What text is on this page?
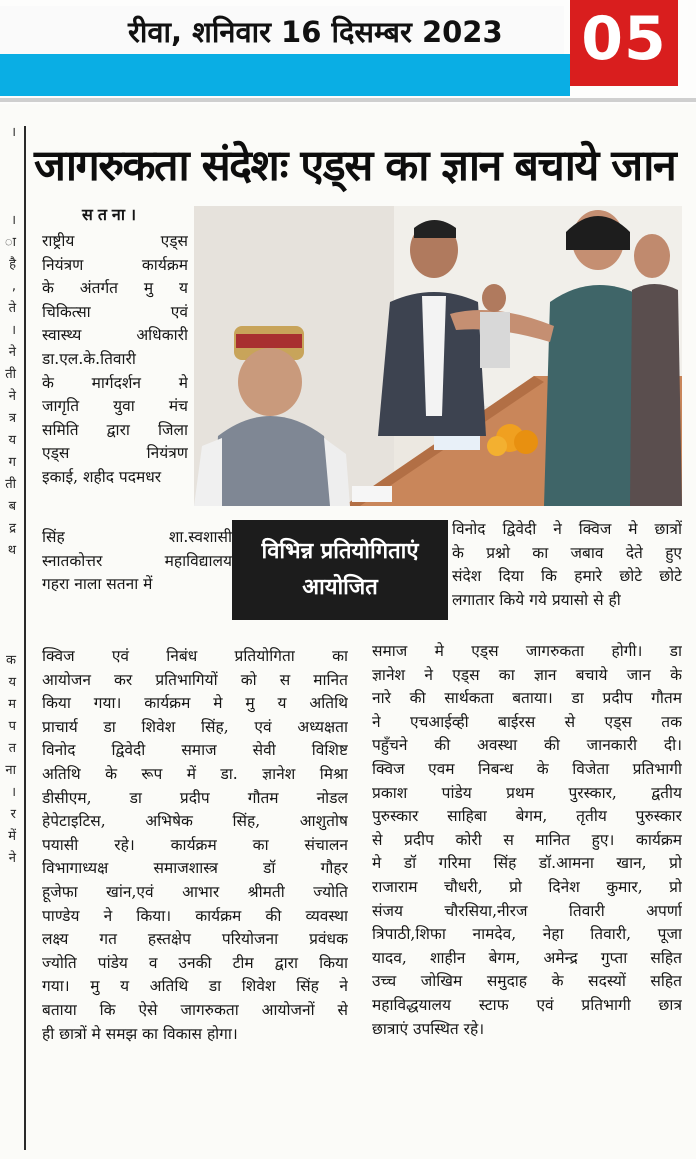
रीवा, शनिवार 16 दिसम्बर 2023	05
।
।
ा
है
,
ते
।
ने
ती
ने
त्र
य
ग
ती
ब
द्र
थ
क
य
म
प
त
ना
।
र
में
ने
जागरुकता संदेशः एड्स का ज्ञान बचाये जान
सतना।
राष्ट्रीय एड्स
नियंत्रण कार्यक्रम
के अंतर्गत मु य
चिकित्सा एवं
स्वास्थ्य अधिकारी
डा.एल.के.तिवारी
के मार्गदर्शन मे
जागृति युवा मंच
समिति द्वारा जिला
एड्स नियंत्रण
इकाई, शहीद पदमधर
सिंह शा.स्वशासी
स्नातकोत्तर महाविद्यालय
गहरा नाला सतना में
क्विज एवं निबंध प्रतियोगिता का
आयोजन कर प्रतिभागियों को स मानित
किया गया। कार्यक्रम मे मु य अतिथि
प्राचार्य डा शिवेश सिंह, एवं अध्यक्षता
विनोद द्विवेदी समाज सेवी विशिष्ट
अतिथि के रूप में डा. ज्ञानेश मिश्रा
डीसीएम, डा प्रदीप गौतम नोडल
हेपेटाइटिस, अभिषेक सिंह, आशुतोष
पयासी रहे। कार्यक्रम का संचालन
विभागाध्यक्ष समाजशास्त्र डॉ गौहर
हूजेफा खांन,एवं आभार श्रीमती ज्योति
पाण्डेय ने किया। कार्यक्रम की व्यवस्था
लक्ष्य गत हस्तक्षेप परियोजना प्रवंधक
ज्योति पांडेय व उनकी टीम द्वारा किया
गया। मु य अतिथि डा शिवेश सिंह ने
बताया कि ऐसे जागरुकता आयोजनों से
ही छात्रों मे समझ का विकास होगा।
विनोद द्विवेदी ने क्विज मे छात्रों
के प्रश्नो का जबाव देते हुए
संदेश दिया कि हमारे छोटे छोटे
लगातार किये गये प्रयासो से ही
समाज मे एड्स जागरुकता होगी। डा
ज्ञानेश ने एड्स का ज्ञान बचाये जान के
नारे की सार्थकता बताया। डा प्रदीप गौतम
ने एचआईव्ही बाईरस से एड्स तक
पहुँचने की अवस्था की जानकारी दी।
क्विज एवम निबन्ध के विजेता प्रतिभागी
प्रकाश पांडेय प्रथम पुरस्कार, द्वतीय
पुरुस्कार साहिबा बेगम, तृतीय पुरुस्कार
से प्रदीप कोरी स मानित हुए। कार्यक्रम
मे डॉ गरिमा सिंह डॉ.आमना खान, प्रो
राजाराम चौधरी, प्रो दिनेश कुमार, प्रो
संजय चौरसिया,नीरज तिवारी अपर्णा
त्रिपाठी,शिफा नामदेव, नेहा तिवारी, पूजा
यादव, शाहीन बेगम, अमेन्द्र गुप्ता सहित
उच्च जोखिम समुदाह के सदस्यों सहित
महाविद्धयालय स्टाफ एवं प्रतिभागी छात्र
छात्राएं उपस्थित रहे।
विभिन्न प्रतियोगिताएं
आयोजित
